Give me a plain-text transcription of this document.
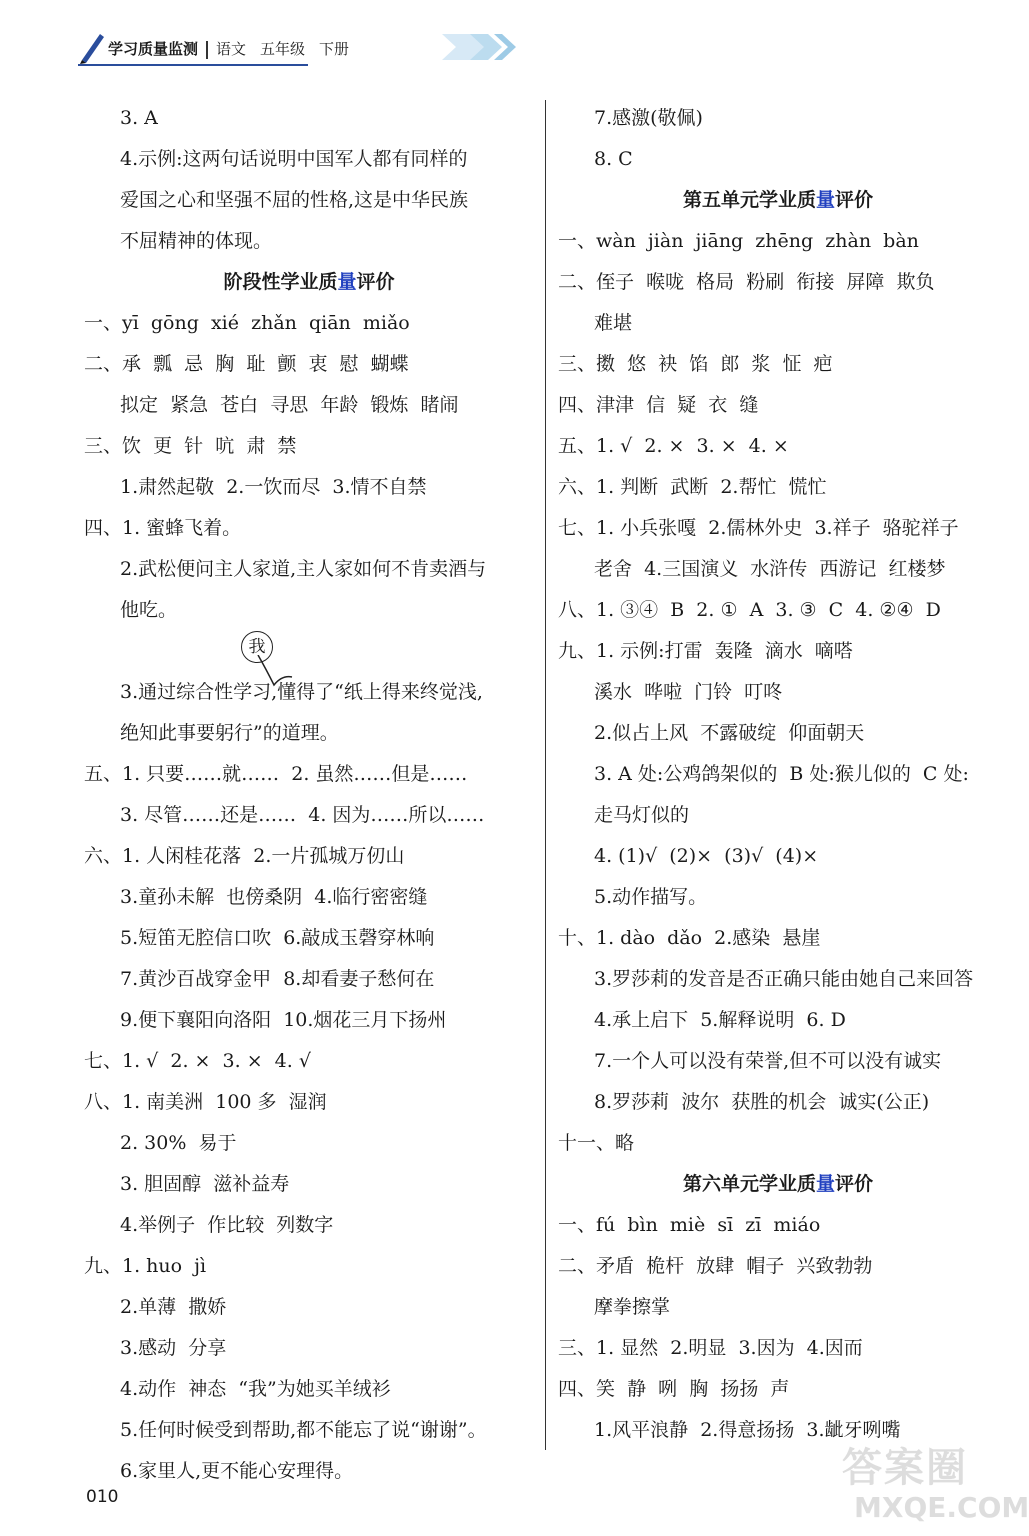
学习质量监测 语文 五年级 下册
3. A
4.示例:这两句话说明中国军人都有同样的
爱国之心和坚强不屈的性格,这是中华民族
不屈精神的体现。
阶段性学业质量评价
一、yī  gōng  xié  zhǎn  qiān  miǎo
二、承  瓢  忌  胸  耻  颤  衷  慰  蝴蝶
拟定  紧急  苍白  寻思  年龄  锻炼  睹闹
三、饮  更  针  吭  肃  禁
1.肃然起敬  2.一饮而尽  3.情不自禁
四、1. 蜜蜂飞着。
2.武松便问主人家道,主人家如何不肯卖酒与
他吃。
3.通过综合性学习,懂得了“纸上得来终觉浅,
绝知此事要躬行”的道理。
五、1. 只要……就……  2. 虽然……但是……
3. 尽管……还是……  4. 因为……所以……
六、1. 人闲桂花落  2.一片孤城万仞山
3.童孙未解  也傍桑阴  4.临行密密缝
5.短笛无腔信口吹  6.敲成玉磬穿林响
7.黄沙百战穿金甲  8.却看妻子愁何在
9.便下襄阳向洛阳  10.烟花三月下扬州
七、1. √  2. ×  3. ×  4. √
八、1. 南美洲  100 多  湿润
2. 30%  易于
3. 胆固醇  滋补益寿
4.举例子  作比较  列数字
九、1. huo  jì
2.单薄  撒娇
3.感动  分享
4.动作  神态  “我”为她买羊绒衫
5.任何时候受到帮助,都不能忘了说“谢谢”。
6.家里人,更不能心安理得。
7.感激(敬佩)
8. C
第五单元学业质量评价
一、wàn  jiàn  jiāng  zhēng  zhàn  bàn
二、侄子  喉咙  格局  粉刷  衔接  屏障  欺负
难堪
三、擞  悠  袂  馅  郎  浆  怔  疤
四、津津  信  疑  衣  缝
五、1. √  2. ×  3. ×  4. ×
六、1. 判断  武断  2.帮忙  慌忙
七、1. 小兵张嘎  2.儒林外史  3.祥子  骆驼祥子
老舍  4.三国演义  水浒传  西游记  红楼梦
八、1. ③④  B  2. ①  A  3. ③  C  4. ②④  D
九、1. 示例:打雷  轰隆  滴水  嘀嗒
溪水  哗啦  门铃  叮咚
2.似占上风  不露破绽  仰面朝天
3. A 处:公鸡鸽架似的  B 处:猴儿似的  C 处:
走马灯似的
4. (1)√  (2)×  (3)√  (4)×
5.动作描写。
十、1. dào  dǎo  2.感染  悬崖
3.罗莎莉的发音是否正确只能由她自己来回答
4.承上启下  5.解释说明  6. D
7.一个人可以没有荣誉,但不可以没有诚实
8.罗莎莉  波尔  获胜的机会  诚实(公正)
十一、略
第六单元学业质量评价
一、fú  bìn  miè  sī  zī  miáo
二、矛盾  桅杆  放肆  帽子  兴致勃勃
摩拳擦掌
三、1. 显然  2.明显  3.因为  4.因而
四、笑  静  咧  胸  扬扬  声
1.风平浪静  2.得意扬扬  3.龇牙咧嘴
我
010
答案圈
MXQE.COM
